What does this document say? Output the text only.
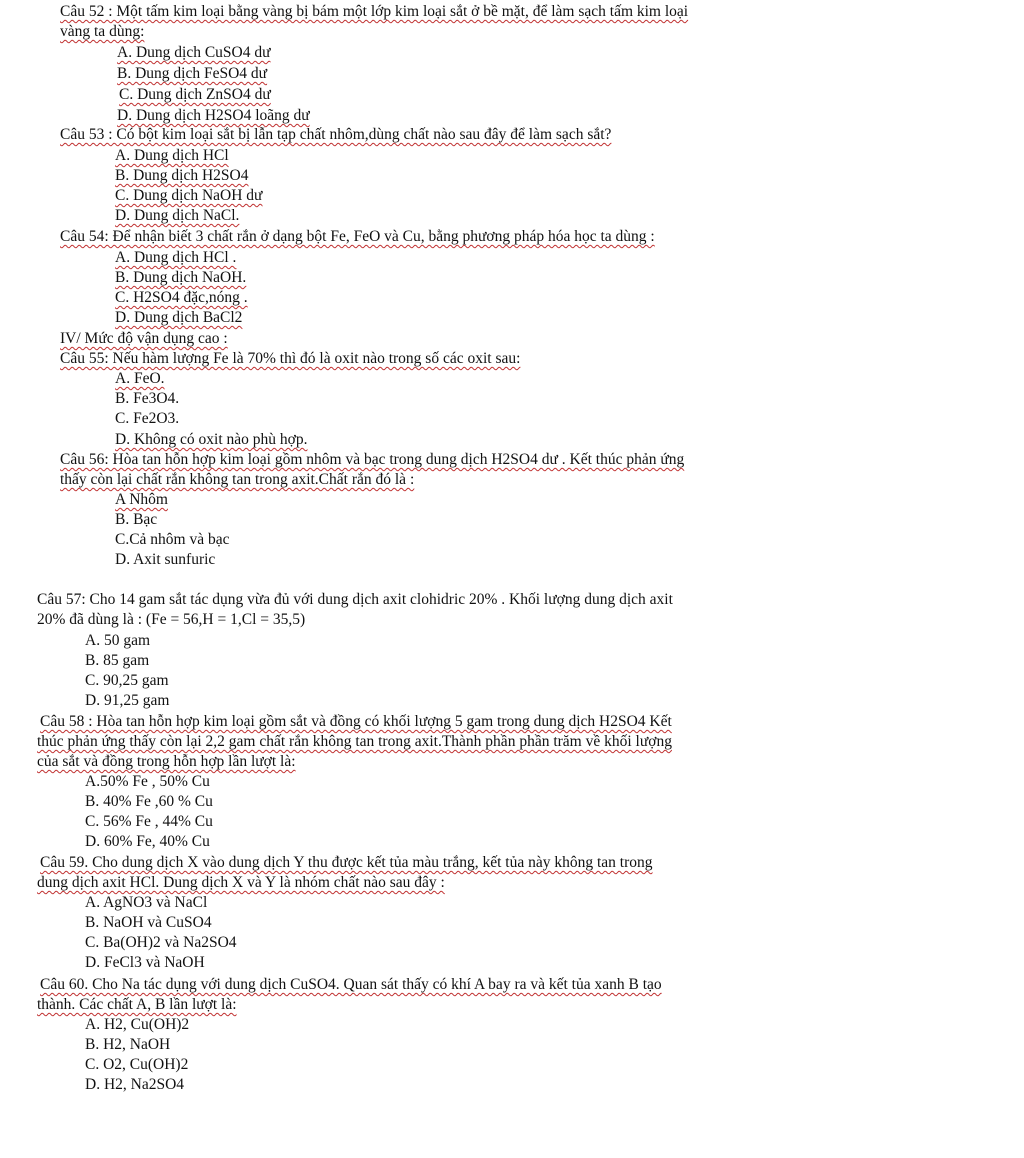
Câu 52 : Một tấm kim loại bằng vàng bị bám một lớp kim loại sắt ở bề mặt, để làm sạch tấm kim loại
vàng ta dùng:
A. Dung dịch CuSO4 dư
B. Dung dịch FeSO4 dư
C. Dung dịch ZnSO4 dư
D. Dung dịch H2SO4 loãng dư
Câu 53 : Có bột kim loại sắt bị lẫn tạp chất nhôm,dùng chất nào sau đây để làm sạch sắt?
A. Dung dịch HCl
B. Dung dịch H2SO4
C. Dung dịch NaOH dư
D. Dung dịch NaCl.
Câu 54: Để nhận biết 3 chất rắn ở dạng bột Fe, FeO và Cu, bằng phương pháp hóa học ta dùng :
A. Dung dịch HCl .
B. Dung dịch NaOH.
C. H2SO4 đặc,nóng .
D. Dung dịch BaCl2
IV/ Mức độ vận dụng cao :
Câu 55: Nếu hàm lượng Fe là 70% thì đó là oxit nào trong số các oxit sau:
A. FeO.
B. Fe3O4.
C. Fe2O3.
D. Không có oxit nào phù hợp.
Câu 56: Hòa tan hỗn hợp kim loại gồm nhôm và bạc trong dung dịch H2SO4 dư . Kết thúc phản ứng
thấy còn lại chất rắn không tan trong axit.Chất rắn đó là :
A Nhôm
B. Bạc
C.Cả nhôm và bạc
D. Axit sunfuric
Câu 57: Cho 14 gam sắt tác dụng vừa đủ với dung dịch axit clohidric 20% . Khối lượng dung dịch axit
20% đã dùng là : (Fe = 56,H = 1,Cl = 35,5)
A. 50 gam
B. 85 gam
C. 90,25 gam
D. 91,25 gam
Câu 58 : Hòa tan hỗn hợp kim loại gồm sắt và đồng có khối lượng 5 gam trong dung dịch H2SO4 Kết
thúc phản ứng thấy còn lại 2,2 gam chất rắn không tan trong axit.Thành phần phần trăm về khối lượng
của sắt và đồng trong hỗn hợp lần lượt là:
A.50% Fe , 50% Cu
B. 40% Fe ,60 % Cu
C. 56% Fe , 44% Cu
D. 60% Fe, 40% Cu
Câu 59. Cho dung dịch X vào dung dịch Y thu được kết tủa màu trắng, kết tủa này không tan trong
dung dịch axit HCl. Dung dịch X và Y là nhóm chất nào sau đây :
A. AgNO3 và NaCl
B. NaOH và CuSO4
C. Ba(OH)2 và Na2SO4
D. FeCl3 và NaOH
Câu 60. Cho Na tác dụng với dung dịch CuSO4. Quan sát thấy có khí A bay ra và kết tủa xanh B tạo
thành. Các chất A, B lần lượt là:
A. H2, Cu(OH)2
B. H2, NaOH
C. O2, Cu(OH)2
D. H2, Na2SO4
